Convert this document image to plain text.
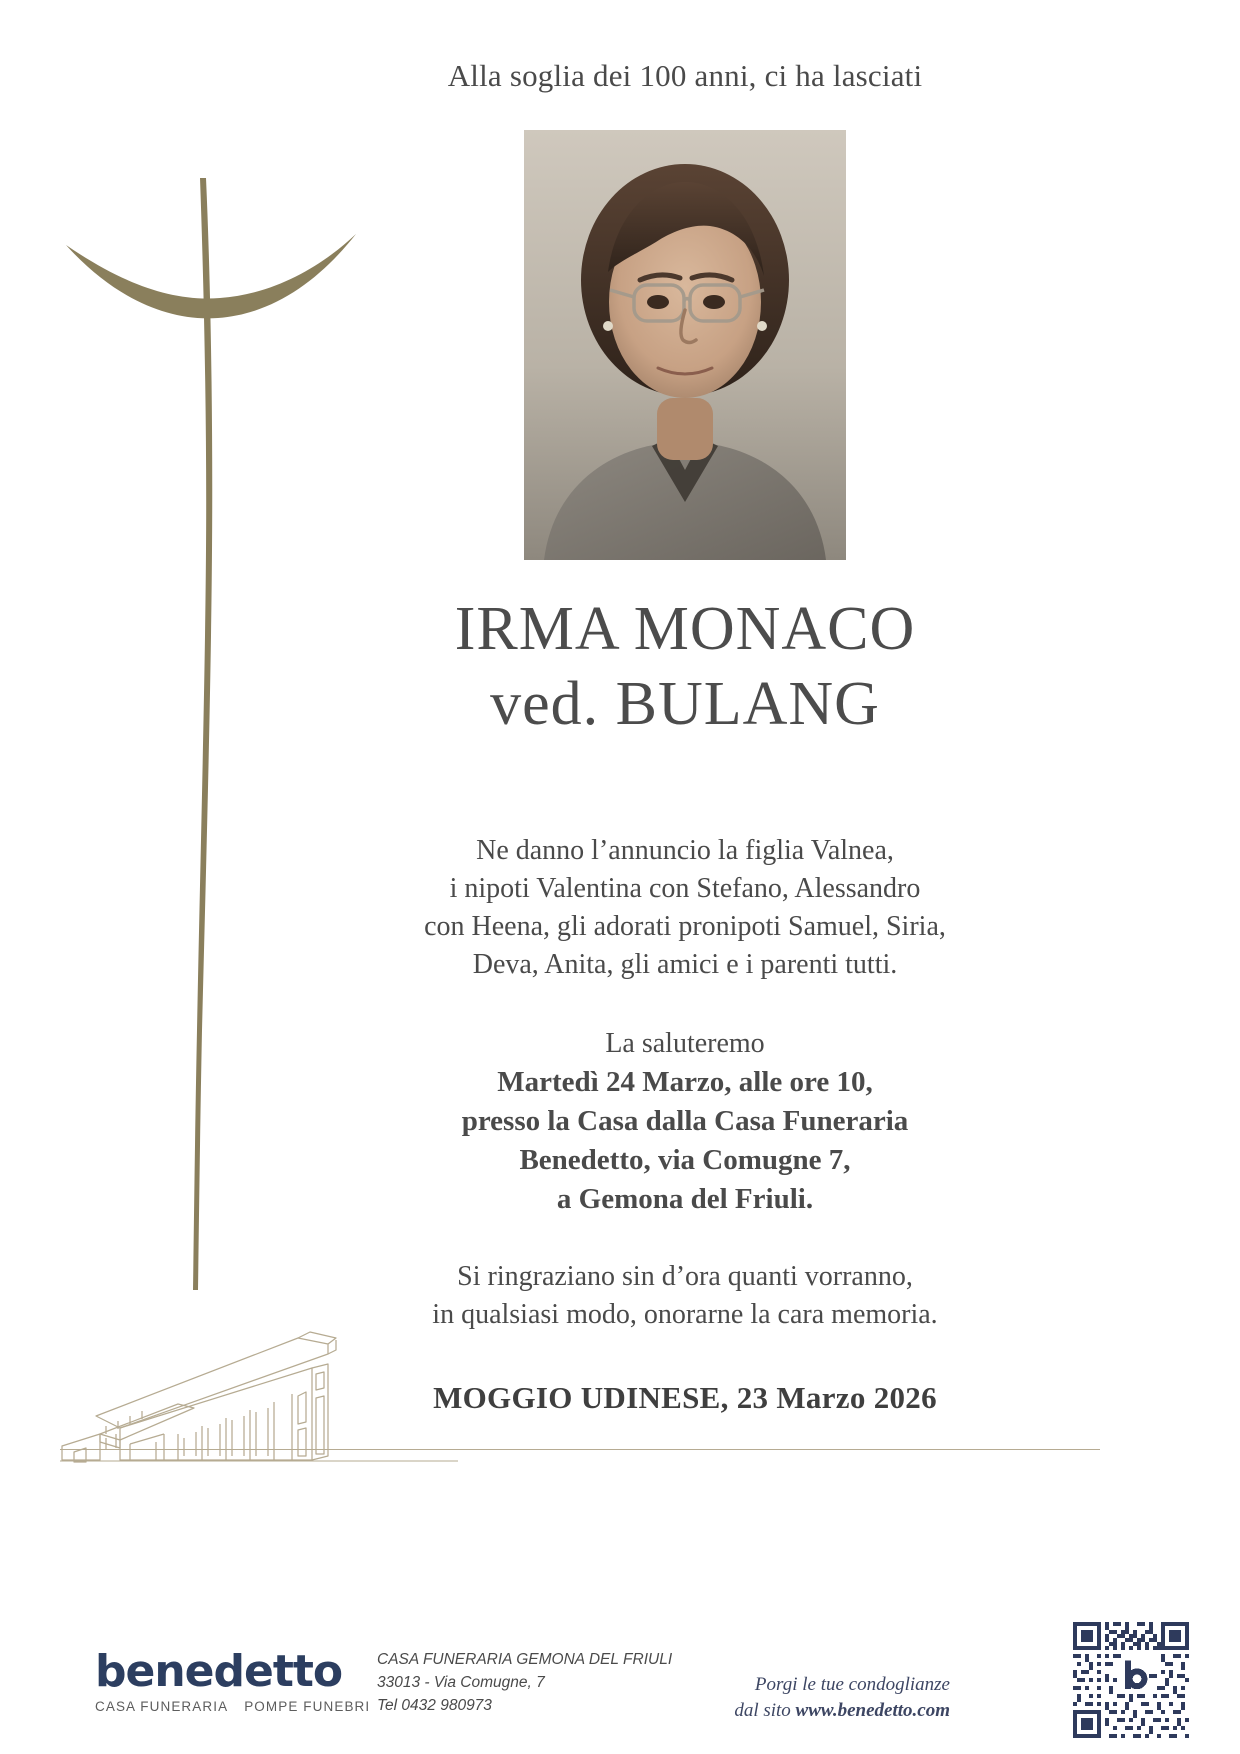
Alla soglia dei 100 anni, ci ha lasciati
IRMA MONACO
ved. BULANG
Ne danno l’annuncio la figlia Valnea,
i nipoti Valentina con Stefano, Alessandro
con Heena, gli adorati pronipoti Samuel, Siria,
Deva, Anita, gli amici e i parenti tutti.
La saluteremo
Martedì 24 Marzo, alle ore 10,
presso la Casa dalla Casa Funeraria
Benedetto, via Comugne 7,
a Gemona del Friuli.
Si ringraziano sin d’ora quanti vorranno,
in qualsiasi modo, onorarne la cara memoria.
MOGGIO UDINESE, 23 Marzo 2026
benedetto
CASA FUNERARIA POMPE FUNEBRI
CASA FUNERARIA GEMONA DEL FRIULI
33013 - Via Comugne, 7
Tel 0432 980973
Porgi le tue condoglianze
dal sito www.benedetto.com
